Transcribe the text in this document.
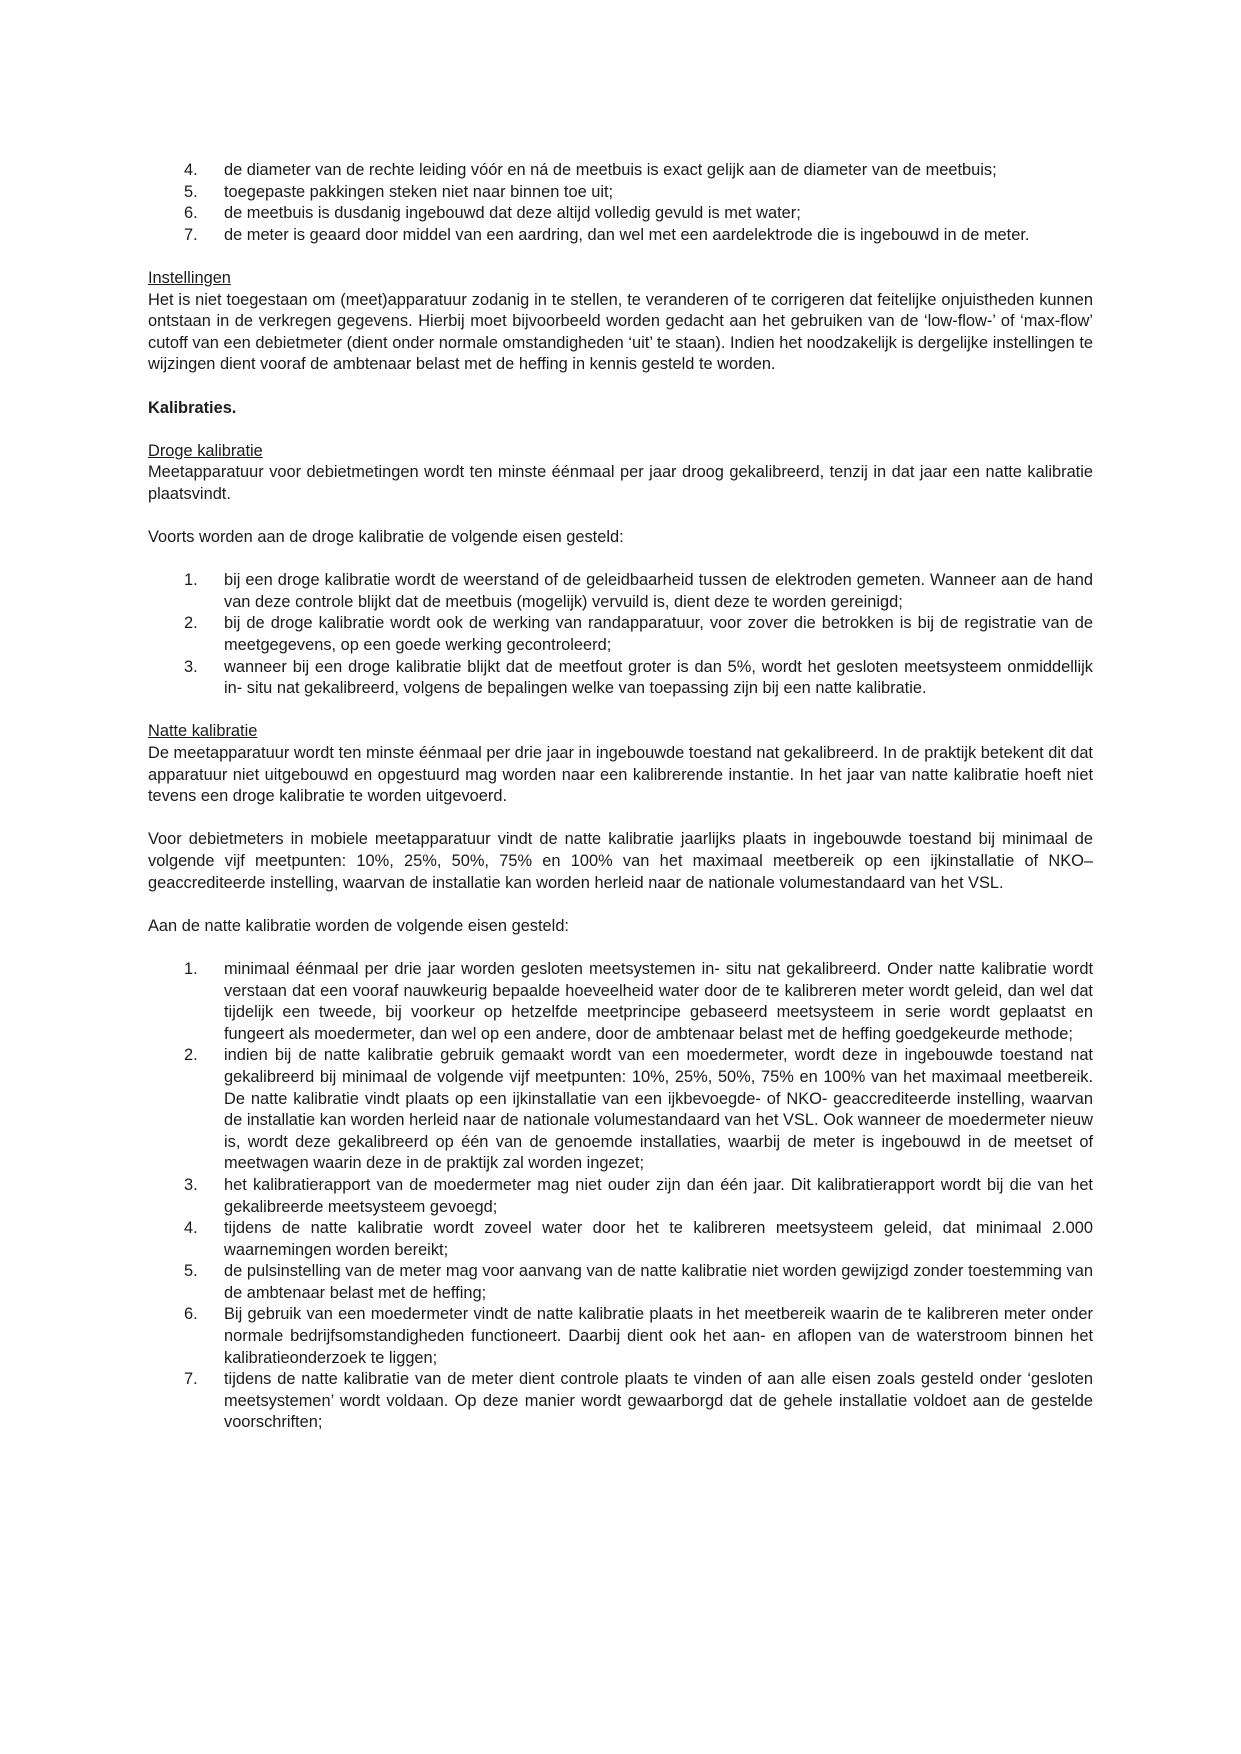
4. de diameter van de rechte leiding vóór en ná de meetbuis is exact gelijk aan de diameter van de meetbuis;
5. toegepaste pakkingen steken niet naar binnen toe uit;
6. de meetbuis is dusdanig ingebouwd dat deze altijd volledig gevuld is met water;
7. de meter is geaard door middel van een aardring, dan wel met een aardelektrode die is ingebouwd in de meter.
Instellingen

Het is niet toegestaan om (meet)apparatuur zodanig in te stellen, te veranderen of te corrigeren dat feitelijke onjuistheden kunnen ontstaan in de verkregen gegevens. Hierbij moet bijvoorbeeld worden gedacht aan het gebruiken van de ‘low-flow-’ of ‘max-flow’ cutoff van een debietmeter (dient onder normale omstandigheden ‘uit’ te staan). Indien het noodzakelijk is dergelijke instellingen te wijzingen dient vooraf de ambtenaar belast met de heffing in kennis gesteld te worden.

Kalibraties.
Droge kalibratie

Meetapparatuur voor debietmetingen wordt ten minste éénmaal per jaar droog gekalibreerd, tenzij in dat jaar een natte kalibratie plaatsvindt.

Voorts worden aan de droge kalibratie de volgende eisen gesteld:

1. bij een droge kalibratie wordt de weerstand of de geleidbaarheid tussen de elektroden gemeten. Wanneer aan de hand van deze controle blijkt dat de meetbuis (mogelijk) vervuild is, dient deze te worden gereinigd;
2. bij de droge kalibratie wordt ook de werking van randapparatuur, voor zover die betrokken is bij de registratie van de meetgegevens, op een goede werking gecontroleerd;
3. wanneer bij een droge kalibratie blijkt dat de meetfout groter is dan 5%, wordt het gesloten meetsysteem onmiddellijk in- situ nat gekalibreerd, volgens de bepalingen welke van toepassing zijn bij een natte kalibratie.
Natte kalibratie

De meetapparatuur wordt ten minste éénmaal per drie jaar in ingebouwde toestand nat gekalibreerd. In de praktijk betekent dit dat apparatuur niet uitgebouwd en opgestuurd mag worden naar een kalibrerende instantie. In het jaar van natte kalibratie hoeft niet tevens een droge kalibratie te worden uitgevoerd.

Voor debietmeters in mobiele meetapparatuur vindt de natte kalibratie jaarlijks plaats in ingebouwde toestand bij minimaal de volgende vijf meetpunten: 10%, 25%, 50%, 75% en 100% van het maximaal meetbereik op een ijkinstallatie of NKO–geaccrediteerde instelling, waarvan de installatie kan worden herleid naar de nationale volumestandaard van het VSL.

Aan de natte kalibratie worden de volgende eisen gesteld:

1. minimaal éénmaal per drie jaar worden gesloten meetsystemen in- situ nat gekalibreerd. Onder natte kalibratie wordt verstaan dat een vooraf nauwkeurig bepaalde hoeveelheid water door de te kalibreren meter wordt geleid, dan wel dat tijdelijk een tweede, bij voorkeur op hetzelfde meetprincipe gebaseerd meetsysteem in serie wordt geplaatst en fungeert als moedermeter, dan wel op een andere, door de ambtenaar belast met de heffing goedgekeurde methode;
2. indien bij de natte kalibratie gebruik gemaakt wordt van een moedermeter, wordt deze in ingebouwde toestand nat gekalibreerd bij minimaal de volgende vijf meetpunten: 10%, 25%, 50%, 75% en 100% van het maximaal meetbereik. De natte kalibratie vindt plaats op een ijkinstallatie van een ijkbevoegde- of NKO- geaccrediteerde instelling, waarvan de installatie kan worden herleid naar de nationale volumestandaard van het VSL. Ook wanneer de moedermeter nieuw is, wordt deze gekalibreerd op één van de genoemde installaties, waarbij de meter is ingebouwd in de meetset of meetwagen waarin deze in de praktijk zal worden ingezet;
3. het kalibratierapport van de moedermeter mag niet ouder zijn dan één jaar. Dit kalibratierapport wordt bij die van het gekalibreerde meetsysteem gevoegd;
4. tijdens de natte kalibratie wordt zoveel water door het te kalibreren meetsysteem geleid, dat minimaal 2.000 waarnemingen worden bereikt;
5. de pulsinstelling van de meter mag voor aanvang van de natte kalibratie niet worden gewijzigd zonder toestemming van de ambtenaar belast met de heffing;
6. Bij gebruik van een moedermeter vindt de natte kalibratie plaats in het meetbereik waarin de te kalibreren meter onder normale bedrijfsomstandigheden functioneert. Daarbij dient ook het aan- en aflopen van de waterstroom binnen het kalibratieonderzoek te liggen;
7. tijdens de natte kalibratie van de meter dient controle plaats te vinden of aan alle eisen zoals gesteld onder ‘gesloten meetsystemen’ wordt voldaan. Op deze manier wordt gewaarborgd dat de gehele installatie voldoet aan de gestelde voorschriften;
